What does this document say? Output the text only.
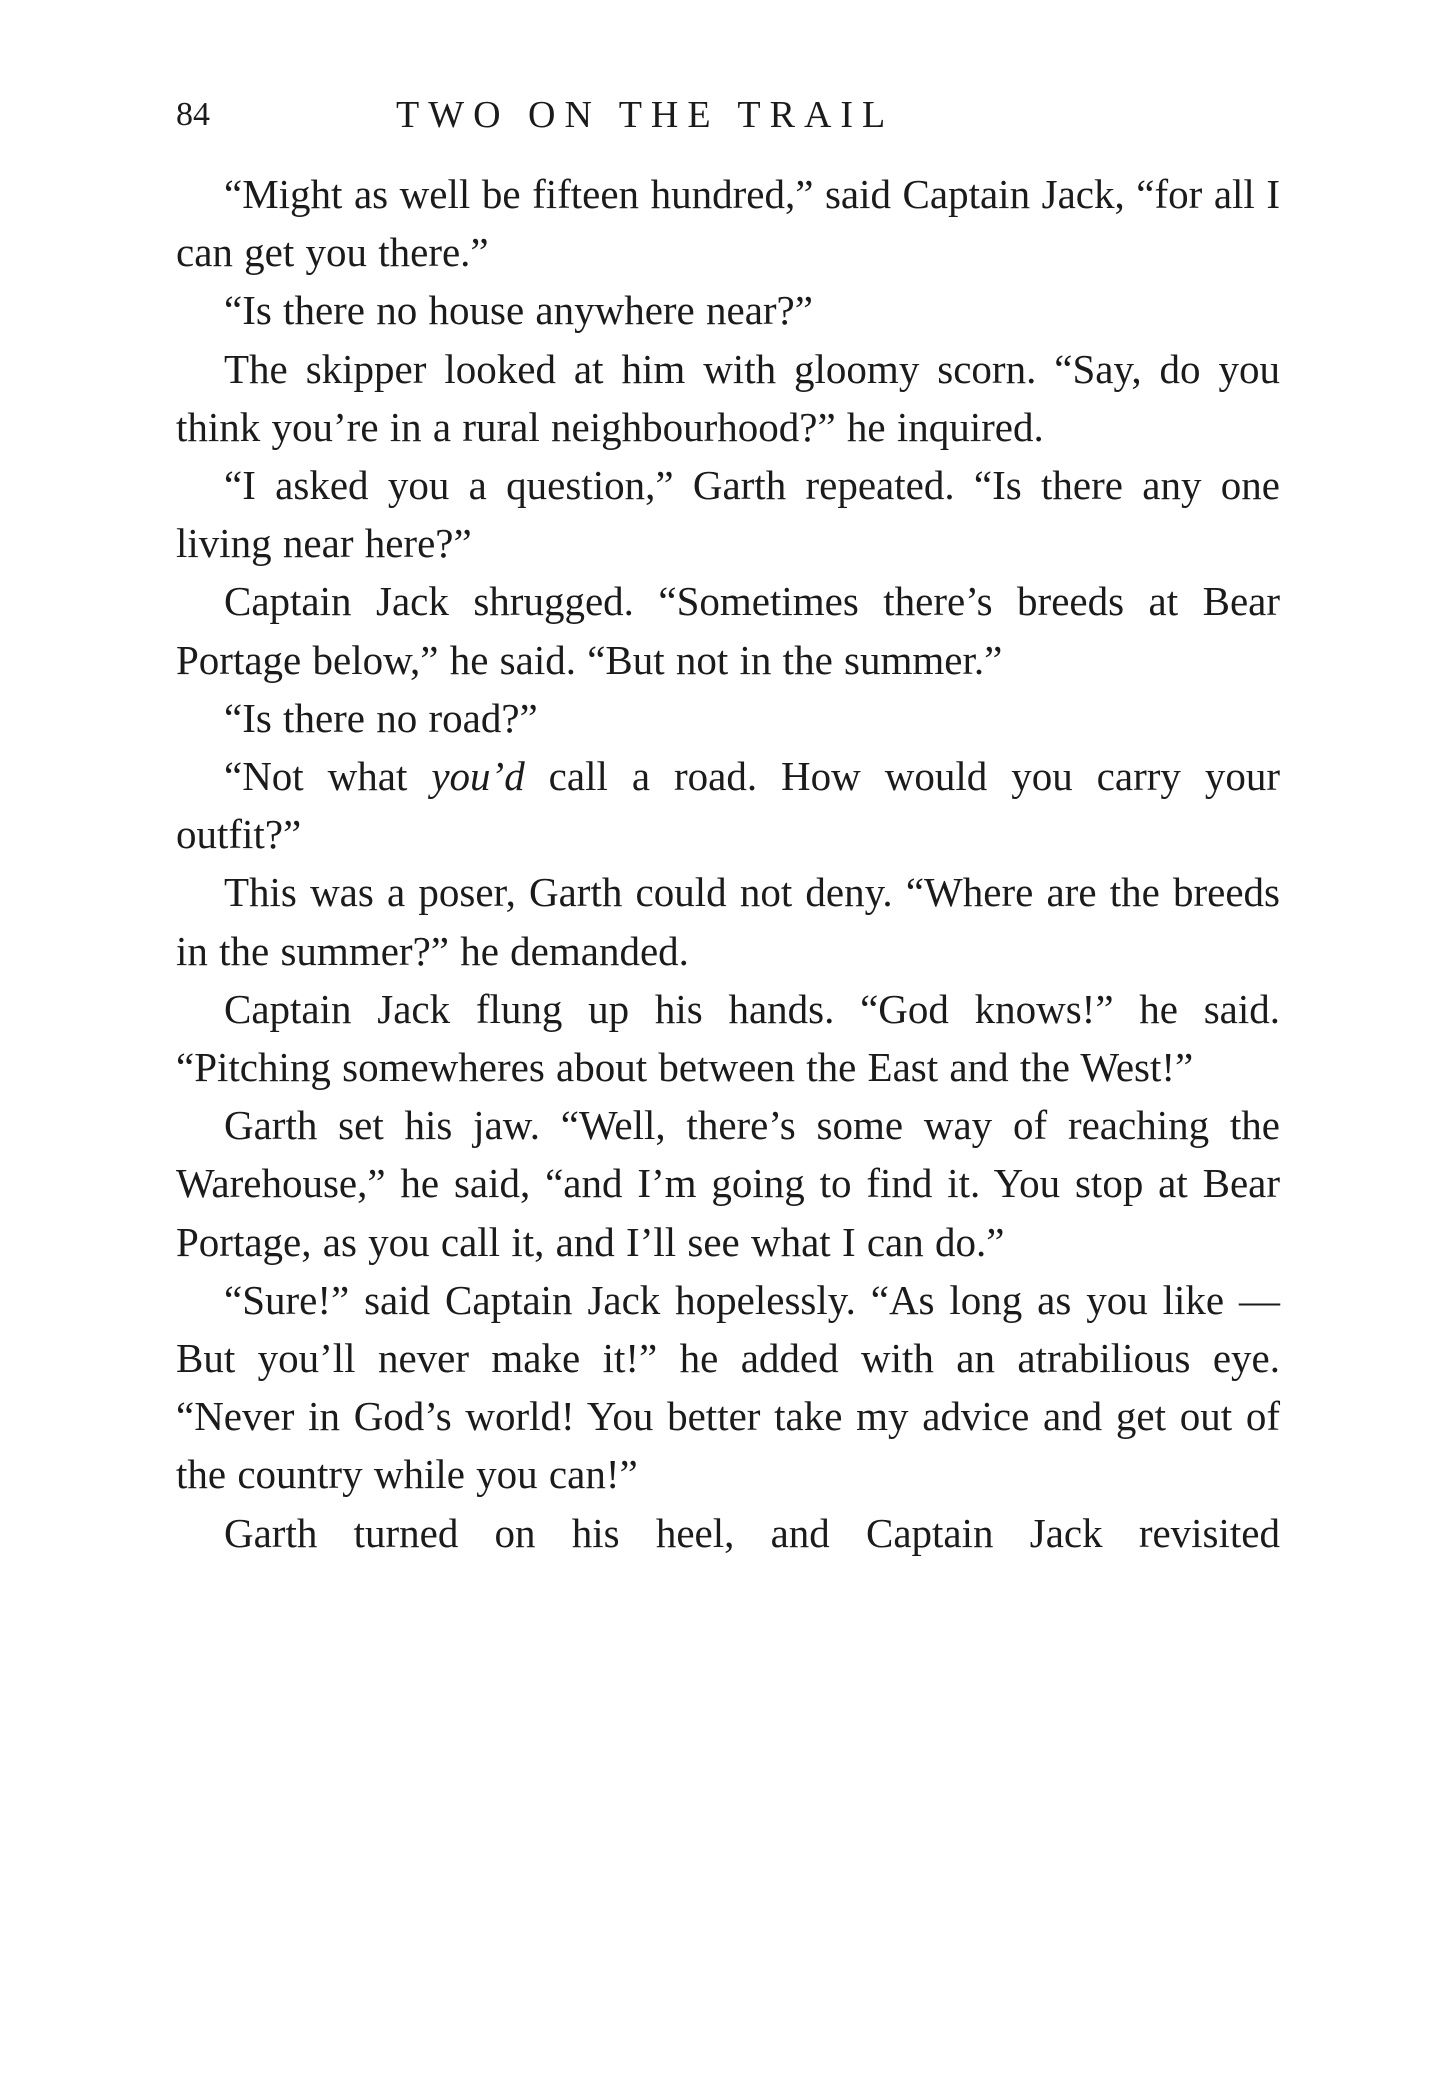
84	TWO ON THE TRAIL

“Might as well be fifteen hundred,” said Captain Jack, “for all I can get you there.”

“Is there no house anywhere near?”

The skipper looked at him with gloomy scorn. “Say, do you think you’re in a rural neighbourhood?” he inquired.

“I asked you a question,” Garth repeated. “Is there any one living near here?”

Captain Jack shrugged. “Sometimes there’s breeds at Bear Portage below,” he said. “But not in the summer.”

“Is there no road?”

“Not what you’d call a road. How would you carry your outfit?”

This was a poser, Garth could not deny. “Where are the breeds in the summer?” he demanded.

Captain Jack flung up his hands. “God knows!” he said. “Pitching somewheres about between the East and the West!”

Garth set his jaw. “Well, there’s some way of reaching the Warehouse,” he said, “and I’m going to find it. You stop at Bear Portage, as you call it, and I’ll see what I can do.”

“Sure!” said Captain Jack hopelessly. “As long as you like — But you’ll never make it!” he added with an atrabilious eye. “Never in God’s world! You better take my advice and get out of the country while you can!”

Garth turned on his heel, and Captain Jack revisited
